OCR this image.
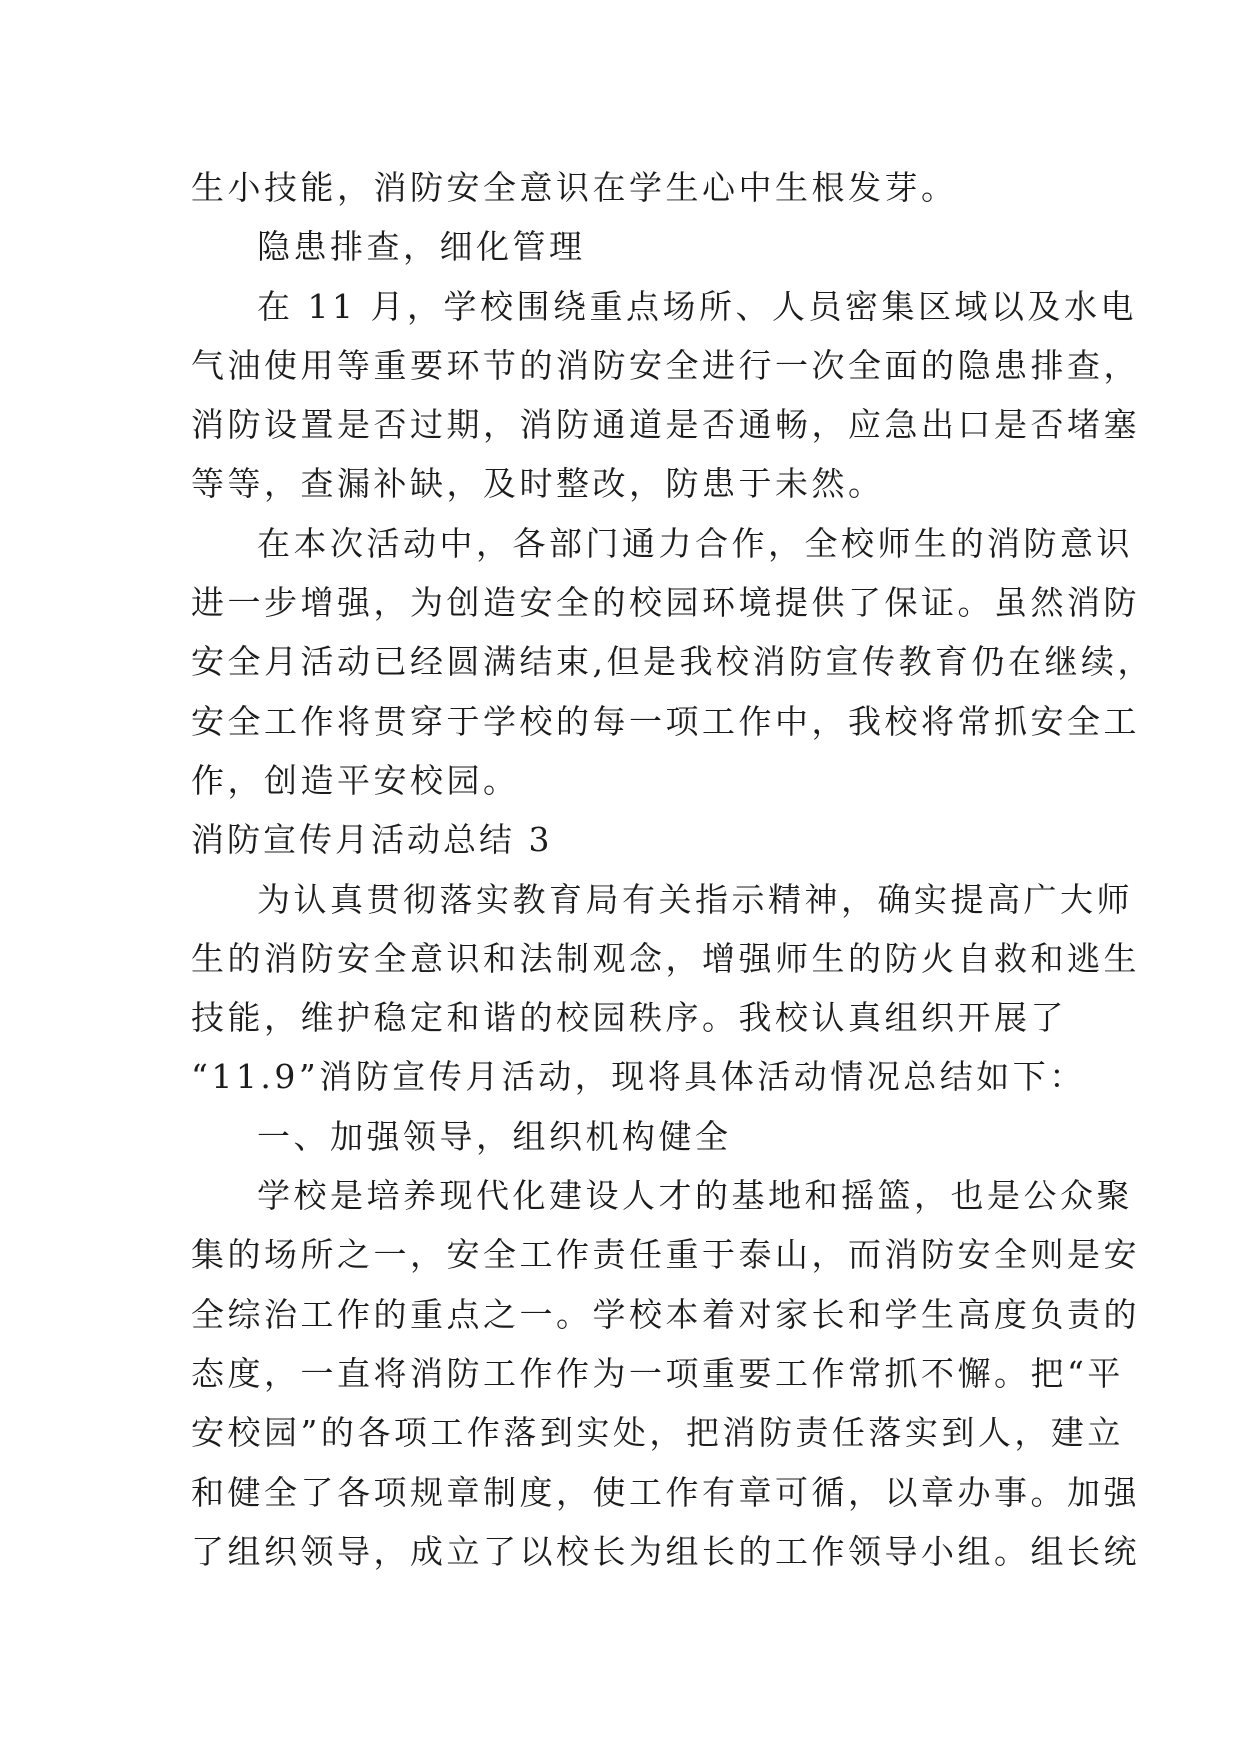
生小技能，消防安全意识在学生心中生根发芽。
隐患排查，细化管理
在 11 月，学校围绕重点场所、人员密集区域以及水电
气油使用等重要环节的消防安全进行一次全面的隐患排查，
消防设置是否过期，消防通道是否通畅，应急出口是否堵塞
等等，查漏补缺，及时整改，防患于未然。
在本次活动中，各部门通力合作，全校师生的消防意识
进一步增强，为创造安全的校园环境提供了保证。虽然消防
安全月活动已经圆满结束,但是我校消防宣传教育仍在继续，
安全工作将贯穿于学校的每一项工作中，我校将常抓安全工
作，创造平安校园。
消防宣传月活动总结 3
为认真贯彻落实教育局有关指示精神，确实提高广大师
生的消防安全意识和法制观念，增强师生的防火自救和逃生
技能，维护稳定和谐的校园秩序。我校认真组织开展了
“11.9”消防宣传月活动，现将具体活动情况总结如下：
一、加强领导，组织机构健全
学校是培养现代化建设人才的基地和摇篮，也是公众聚
集的场所之一，安全工作责任重于泰山，而消防安全则是安
全综治工作的重点之一。学校本着对家长和学生高度负责的
态度，一直将消防工作作为一项重要工作常抓不懈。把“平
安校园”的各项工作落到实处，把消防责任落实到人，建立
和健全了各项规章制度，使工作有章可循，以章办事。加强
了组织领导，成立了以校长为组长的工作领导小组。组长统
